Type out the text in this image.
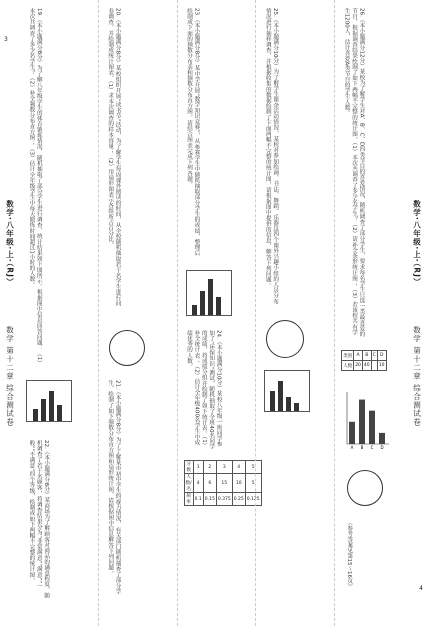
数学·八年级·上·（RJ）
数学 第十二章 综合测试卷
数学·八年级·上·（RJ）
数学 第十二章 综合测试卷
3
4

19.（本小题满分8分）为了解八年级学生的体育锻炼情况，随机抽取了部分学生进行调查，统计结果如下图所示。根据图中信息回答问题：（1）本次共调查了多少名学生？（2）补全频数分布直方图；（3）估计全年级学生中每天锻炼时间超过1小时的人数。

22.（本小题满分8分）某商场为了解顾客对商品的满意程度，随机调查了若干名顾客，将调查结果分为“非常满意”“满意”“一般”“不满意”四个等级，绘制成如下两幅不完整的统计图。

20.（本小题满分8分）某校组织开展“读书节”活动，为了解学生每周课外阅读的时间，从全校随机抽取若干名学生进行问卷调查，并绘制成统计图表。（1）求本次调查的样本容量；（2）用扇形图表示各组所占百分比。

21.（本小题满分8分）为了了解某市初中学生的视力情况，有关部门随机抽查了部分学生，绘制了如下频数分布直方图和扇形统计图，请根据图中信息解答下列问题。

23.（本小题满分8分）某中学开展“数学知识竞赛”，从参赛学生中随机抽取部分学生的成绩，整理后绘制成下面的频数分布表和频数分布直方图，请结合图表完成下列各题。

24.（本小题满分10分）某校八年级一班同学参加了“环保知识”测试，随机抽取了全班40名同学的成绩，将成绩分组并绘制了如下统计表。（1）补全统计表；（2）估计全年级400名学生中成绩优秀的人数。

分数	1	2	3	4	5
人数/名	4	6	15	10	5
频率	0.1	0.15	0.375	0.25	0.125

25.（本小题满分10分）为了解学生课余活动情况，某校对参加绘画、书法、舞蹈、乐器这四个课外兴趣小组的人员分布情况进行抽样调查，并根据收集的数据绘制了下面两幅不完整的统计图，请根据图中提供的信息，解答下列问题。	26.（本小题满分12分）某校为了解学生对A、B、C、D四类节目的喜爱情况，随机调查了部分学生，要求每名学生只选一类最喜爱的节目，根据调查结果绘制了如下两幅不完整的统计图。（1）本次共调查了多少名学生？（2）请补全条形统计图；（3）若该校共有学生1200人，估计喜爱A类节目的学生人数。

类别	A	B	C	D
人数	20	40		10
A B C D
（参考答案见第15～16页）
